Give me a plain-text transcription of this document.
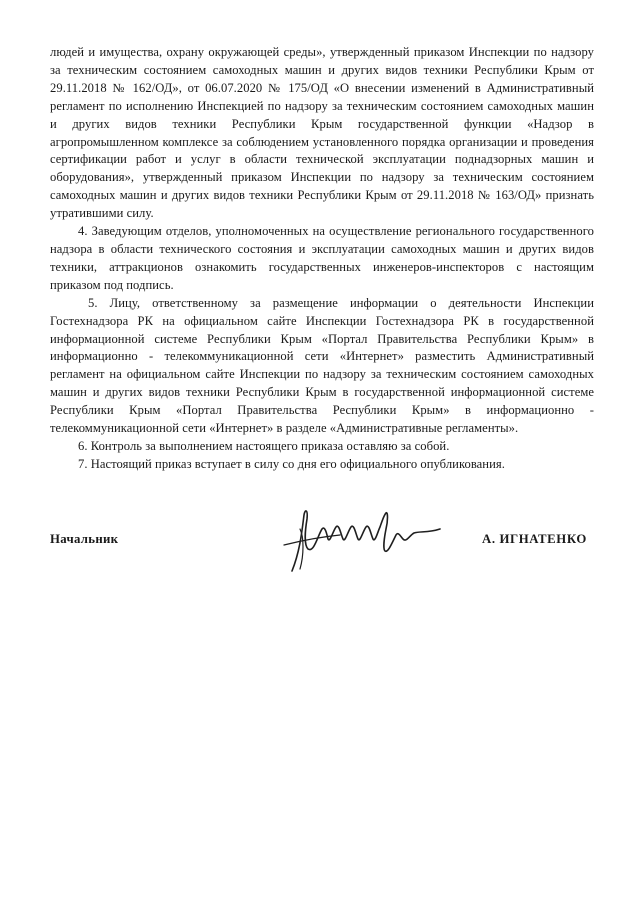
людей и имущества, охрану окружающей среды», утвержденный приказом Инспекции по надзору за техническим состоянием самоходных машин и других видов техники Республики Крым от 29.11.2018 № 162/ОД», от 06.07.2020 № 175/ОД «О внесении изменений в Административный регламент по исполнению Инспекцией по надзору за техническим состоянием самоходных машин и других видов техники Республики Крым государственной функции «Надзор в агропромышленном комплексе за соблюдением установленного порядка организации и проведения сертификации работ и услуг в области технической эксплуатации поднадзорных машин и оборудования», утвержденный приказом Инспекции по надзору за техническим состоянием самоходных машин и других видов техники Республики Крым от 29.11.2018 № 163/ОД» признать утратившими силу.

4. Заведующим отделов, уполномоченных на осуществление регионального государственного надзора в области технического состояния и эксплуатации самоходных машин и других видов техники, аттракционов ознакомить государственных инженеров-инспекторов с настоящим приказом под подпись.

5. Лицу, ответственному за размещение информации о деятельности Инспекции Гостехнадзора РК на официальном сайте Инспекции Гостехнадзора РК в государственной информационной системе Республики Крым «Портал Правительства Республики Крым» в информационно - телекоммуникационной сети «Интернет» разместить Административный регламент на официальном сайте Инспекции по надзору за техническим состоянием самоходных машин и других видов техники Республики Крым в государственной информационной системе Республики Крым «Портал Правительства Республики Крым» в информационно - телекоммуникационной сети «Интернет» в разделе «Административные регламенты».

6. Контроль за выполнением настоящего приказа оставляю за собой.

7. Настоящий приказ вступает в силу со дня его официального опубликования.

Начальник	А. ИГНАТЕНКО
